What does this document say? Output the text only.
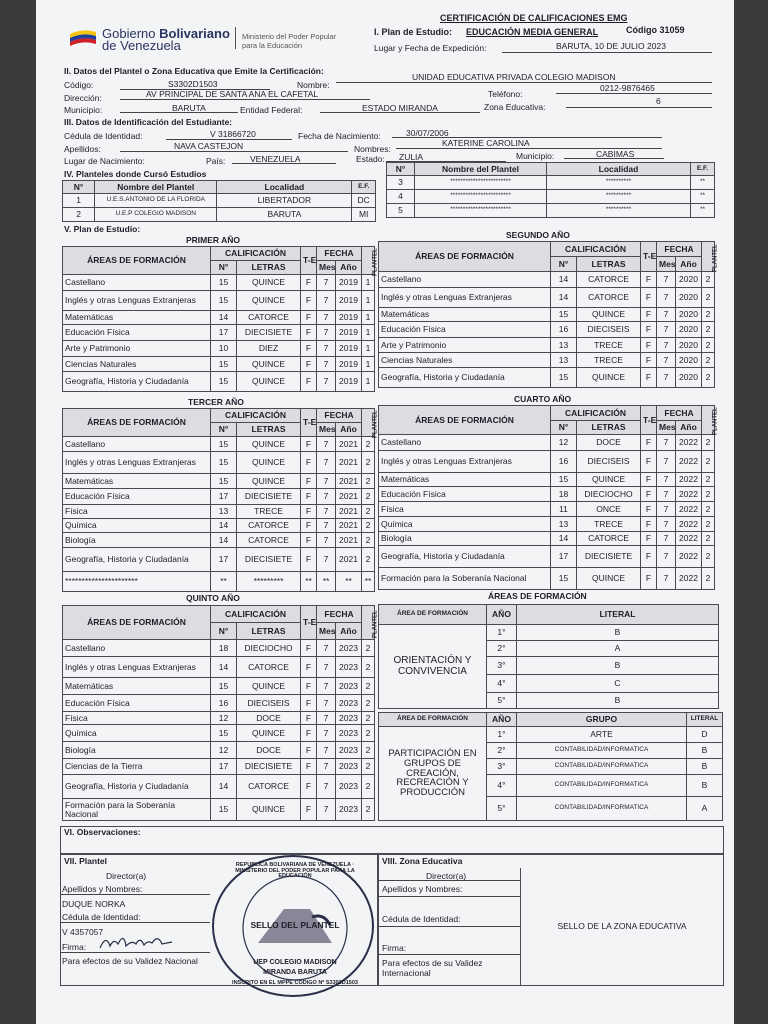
Gobierno Bolivariano
de Venezuela
Ministerio del Poder Popular
para la Educación
CERTIFICACIÓN DE CALIFICACIONES EMG
I. Plan de Estudio: EDUCACIÓN MEDIA GENERAL	Código 31059
Lugar y Fecha de Expedición:	BARUTA, 10 DE JULIO 2023
II. Datos del Plantel o Zona Educativa que Emite la Certificación:
Código:	S3302D1503	Nombre:
UNIDAD EDUCATIVA PRIVADA COLEGIO MADISON
Dirección:	AV PRINCIPAL DE SANTA ANA EL CAFETAL	Teléfono:
0212-9876465
Municipio:	BARUTA	Entidad Federal:	ESTADO MIRANDA	Zona Educativa:
6
III. Datos de Identificación del Estudiante:
Cédula de Identidad:	V 31866720	Fecha de Nacimiento:	30/07/2006
Apellidos:	NAVA CASTEJON	Nombres:
KATERINE CAROLINA
Lugar de Nacimiento:	País:	VENEZUELA	Estado: ZULIA	Municipio:	CABIMAS
IV. Planteles donde Cursó Estudios
N°	Nombre del Plantel	Localidad	E.F.
1	U.E.S.ANTONIO DE LA FLORIDA	LIBERTADOR	DC
2	U.E.P COLEGIO MADISON	BARUTA	MI
N°	Nombre del Plantel	Localidad	E.F.
3	************************	**********	**
4	************************	**********	**
5	************************	**********	**
V. Plan de Estudio:
PRIMER AÑO	SEGUNDO AÑO
ÁREAS DE FORMACIÓN	CALIFICACIÓN		T-E	FECHA		PLANTEL
	N°	LETRAS		Mes	Año	
Castellano	15	QUINCE	F	7	2019	1
Inglés y otras Lenguas Extranjeras	15	QUINCE	F	7	2019	1
Matemáticas	14	CATORCE	F	7	2019	1
Educación Física	17	DIECISIETE	F	7	2019	1
Arte y Patrimonio	10	DIEZ	F	7	2019	1
Ciencias Naturales	15	QUINCE	F	7	2019	1
Geografía, Historia y Ciudadanía	15	QUINCE	F	7	2019	1
ÁREAS DE FORMACIÓN	CALIFICACIÓN		T-E	FECHA		PLANTEL
	N°	LETRAS		Mes	Año	
Castellano	14	CATORCE	F	7	2020	2
Inglés y otras Lenguas Extranjeras	14	CATORCE	F	7	2020	2
Matemáticas	15	QUINCE	F	7	2020	2
Educación Física	16	DIECISEIS	F	7	2020	2
Arte y Patrimonio	13	TRECE	F	7	2020	2
Ciencias Naturales	13	TRECE	F	7	2020	2
Geografía, Historia y Ciudadanía	15	QUINCE	F	7	2020	2
TERCER AÑO	CUARTO AÑO
ÁREAS DE FORMACIÓN	CALIFICACIÓN		T-E	FECHA		PLANTEL
	N°	LETRAS		Mes	Año	
Castellano	15	QUINCE	F	7	2021	2
Inglés y otras Lenguas Extranjeras	15	QUINCE	F	7	2021	2
Matemáticas	15	QUINCE	F	7	2021	2
Educación Física	17	DIECISIETE	F	7	2021	2
Física	13	TRECE	F	7	2021	2
Química	14	CATORCE	F	7	2021	2
Biología	14	CATORCE	F	7	2021	2
Geografía, Historia y Ciudadanía	17	DIECISIETE	F	7	2021	2
**********************	**	*********	**	**	**	**
ÁREAS DE FORMACIÓN	CALIFICACIÓN		T-E	FECHA		PLANTEL
	N°	LETRAS		Mes	Año	
Castellano	12	DOCE	F	7	2022	2
Inglés y otras Lenguas Extranjeras	16	DIECISEIS	F	7	2022	2
Matemáticas	15	QUINCE	F	7	2022	2
Educación Física	18	DIECIOCHO	F	7	2022	2
Física	11	ONCE	F	7	2022	2
Química	13	TRECE	F	7	2022	2
Biología	14	CATORCE	F	7	2022	2
Geografía, Historia y Ciudadanía	17	DIECISIETE	F	7	2022	2
Formación para la Soberanía Nacional	15	QUINCE	F	7	2022	2
QUINTO AÑO	ÁREAS DE FORMACIÓN
ÁREAS DE FORMACIÓN	CALIFICACIÓN		T-E	FECHA		PLANTEL
	N°	LETRAS		Mes	Año	
Castellano	18	DIECIOCHO	F	7	2023	2
Inglés y otras Lenguas Extranjeras	14	CATORCE	F	7	2023	2
Matemáticas	15	QUINCE	F	7	2023	2
Educación Física	16	DIECISEIS	F	7	2023	2
Física	12	DOCE	F	7	2023	2
Química	15	QUINCE	F	7	2023	2
Biología	12	DOCE	F	7	2023	2
Ciencias de la Tierra	17	DIECISIETE	F	7	2023	2
Geografía, Historia y Ciudadanía	14	CATORCE	F	7	2023	2
Formación para la Soberanía Nacional	15	QUINCE	F	7	2023	2
ÁREA DE FORMACIÓN	AÑO	LITERAL
ORIENTACIÓN Y CONVIVENCIA	1°	B
	2°	A
	3°	B
	4°	C
	5°	B
ÁREA DE FORMACIÓN	AÑO	GRUPO	LITERAL
PARTICIPACIÓN EN GRUPOS DE CREACIÓN, RECREACIÓN Y PRODUCCIÓN	1°	ARTE	D
	2°	CONTABILIDAD/INFORMATICA	B
	3°	CONTABILIDAD/INFORMATICA	B
	4°	CONTABILIDAD/INFORMATICA	B
	5°	CONTABILIDAD/INFORMATICA	A
VI. Observaciones:
VII. Plantel
Director(a)
Apellidos y Nombres:
DUQUE NORKA
Cédula de Identidad:
V 4357057
Firma:
Para efectos de su Validez Nacional
SELLO DEL PLANTEL
REPUBLICA BOLIVARIANA DE VENEZUELA · MINISTERIO DEL PODER POPULAR PARA LA EDUCACIÓN
UEP COLEGIO MADISON
MIRANDA BARUTA
INSCRITO EN EL MPPE CODIGO Nº S3302D1503
VIII. Zona Educativa
Director(a)
Apellidos y Nombres:
Cédula de Identidad:
Firma:
Para efectos de su Validez Internacional
SELLO DE LA ZONA EDUCATIVA
